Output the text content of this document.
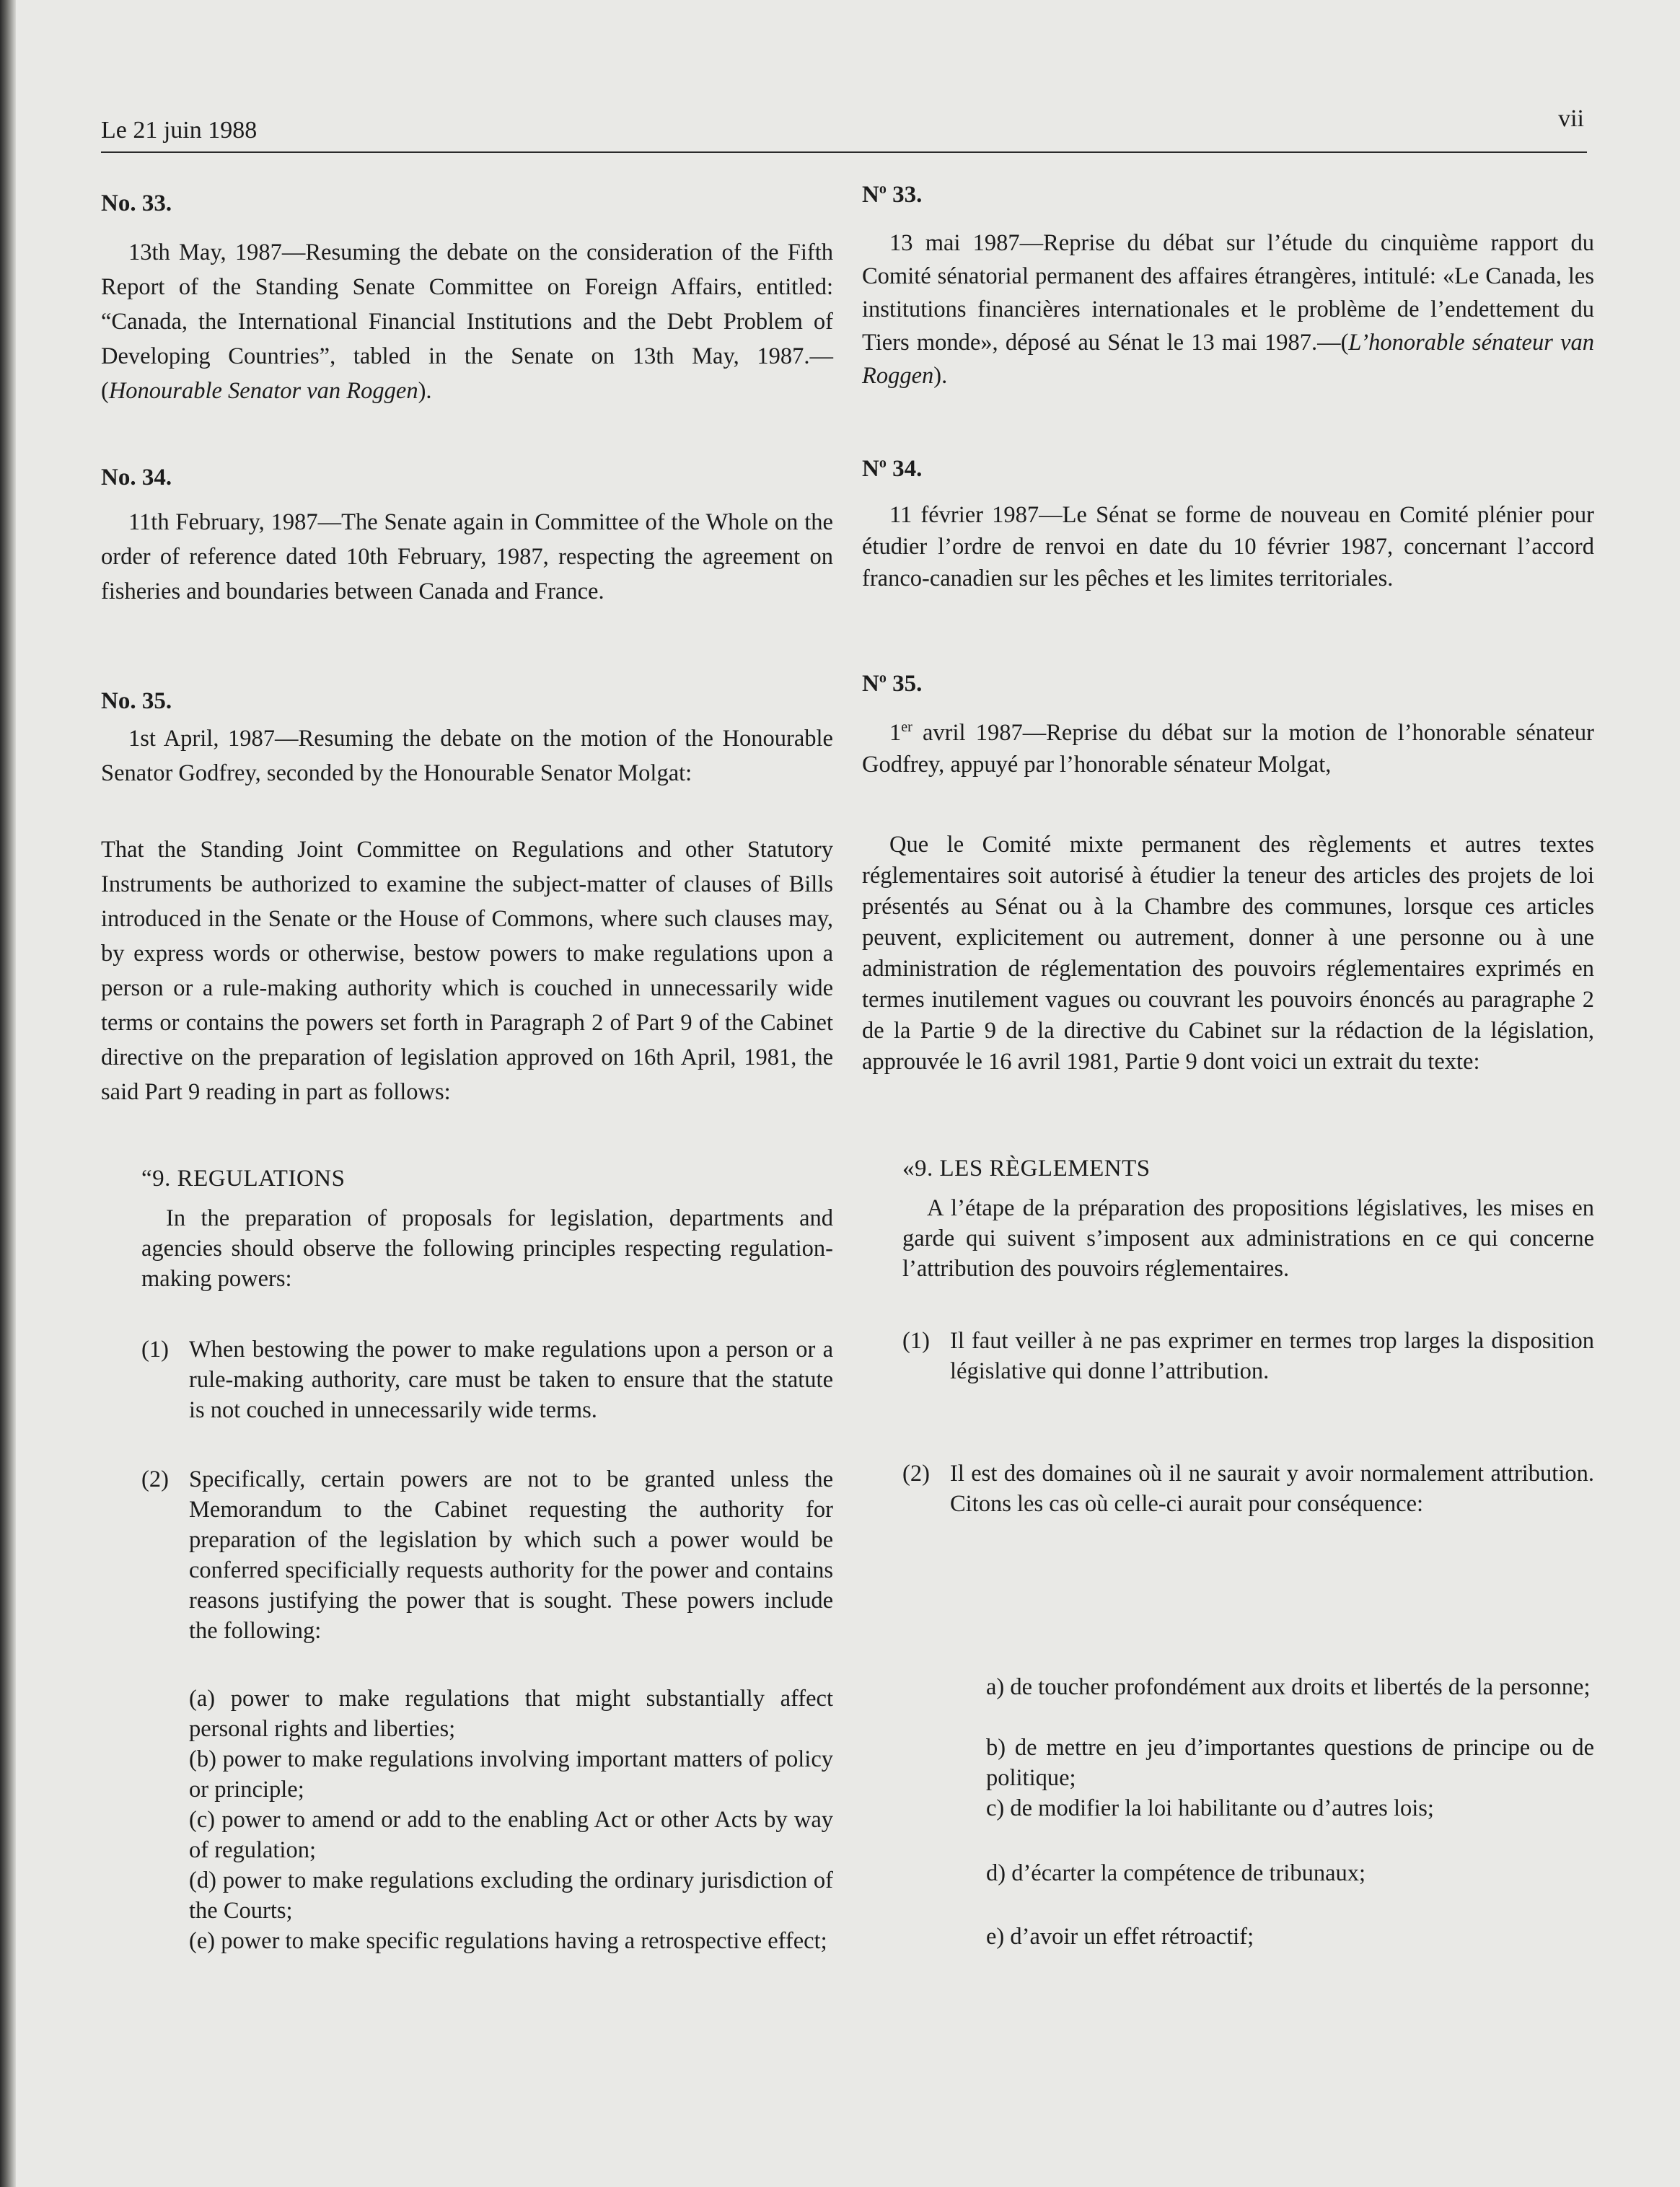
Le 21 juin 1988	vii
No. 33.
13th May, 1987—Resuming the debate on the consideration of the Fifth Report of the Standing Senate Committee on Foreign Affairs, entitled: “Canada, the International Financial Institutions and the Debt Problem of Developing Countries”, tabled in the Senate on 13th May, 1987.—(Honourable Senator van Roggen).
No. 34.
11th February, 1987—The Senate again in Committee of the Whole on the order of reference dated 10th February, 1987, respecting the agreement on fisheries and boundaries between Canada and France.
No. 35.
1st April, 1987—Resuming the debate on the motion of the Honourable Senator Godfrey, seconded by the Honourable Senator Molgat:
That the Standing Joint Committee on Regulations and other Statutory Instruments be authorized to examine the subject-matter of clauses of Bills introduced in the Senate or the House of Commons, where such clauses may, by express words or otherwise, bestow powers to make regulations upon a person or a rule-making authority which is couched in unnecessarily wide terms or contains the powers set forth in Paragraph 2 of Part 9 of the Cabinet directive on the preparation of legislation approved on 16th April, 1981, the said Part 9 reading in part as follows:
“9. REGULATIONS
In the preparation of proposals for legislation, departments and agencies should observe the following principles respecting regulation-making powers:
(1) When bestowing the power to make regulations upon a person or a rule-making authority, care must be taken to ensure that the statute is not couched in unnecessarily wide terms.
(2) Specifically, certain powers are not to be granted unless the Memorandum to the Cabinet requesting the authority for preparation of the legislation by which such a power would be conferred specificially requests authority for the power and contains reasons justifying the power that is sought. These powers include the following:
(a) power to make regulations that might substantially affect personal rights and liberties;
(b) power to make regulations involving important matters of policy or principle;
(c) power to amend or add to the enabling Act or other Acts by way of regulation;
(d) power to make regulations excluding the ordinary jurisdiction of the Courts;
(e) power to make specific regulations having a retrospective effect;
$N^o$ 33.
13 mai 1987—Reprise du débat sur l’étude du cinquième rapport du Comité sénatorial permanent des affaires étrangères, intitulé: «Le Canada, les institutions financières internationales et le problème de l’endettement du Tiers monde», déposé au Sénat le 13 mai 1987.—(L’honorable sénateur van Roggen).
$N^o$ 34.
11 février 1987—Le Sénat se forme de nouveau en Comité plénier pour étudier l’ordre de renvoi en date du 10 février 1987, concernant l’accord franco-canadien sur les pêches et les limites territoriales.
$N^o$ 35.
1er avril 1987—Reprise du débat sur la motion de l’honorable sénateur Godfrey, appuyé par l’honorable sénateur Molgat,
Que le Comité mixte permanent des règlements et autres textes réglementaires soit autorisé à étudier la teneur des articles des projets de loi présentés au Sénat ou à la Chambre des communes, lorsque ces articles peuvent, explicitement ou autrement, donner à une personne ou à une administration de réglementation des pouvoirs réglementaires exprimés en termes inutilement vagues ou couvrant les pouvoirs énoncés au paragraphe 2 de la Partie 9 de la directive du Cabinet sur la rédaction de la législation, approuvée le 16 avril 1981, Partie 9 dont voici un extrait du texte:
«9. LES RÈGLEMENTS
A l’étape de la préparation des propositions législatives, les mises en garde qui suivent s’imposent aux administrations en ce qui concerne l’attribution des pouvoirs réglementaires.
(1) Il faut veiller à ne pas exprimer en termes trop larges la disposition législative qui donne l’attribution.
(2) Il est des domaines où il ne saurait y avoir normalement attribution. Citons les cas où celle-ci aurait pour conséquence:
a) de toucher profondément aux droits et libertés de la personne;
b) de mettre en jeu d’importantes questions de principe ou de politique;
c) de modifier la loi habilitante ou d’autres lois;
d) d’écarter la compétence de tribunaux;
e) d’avoir un effet rétroactif;
